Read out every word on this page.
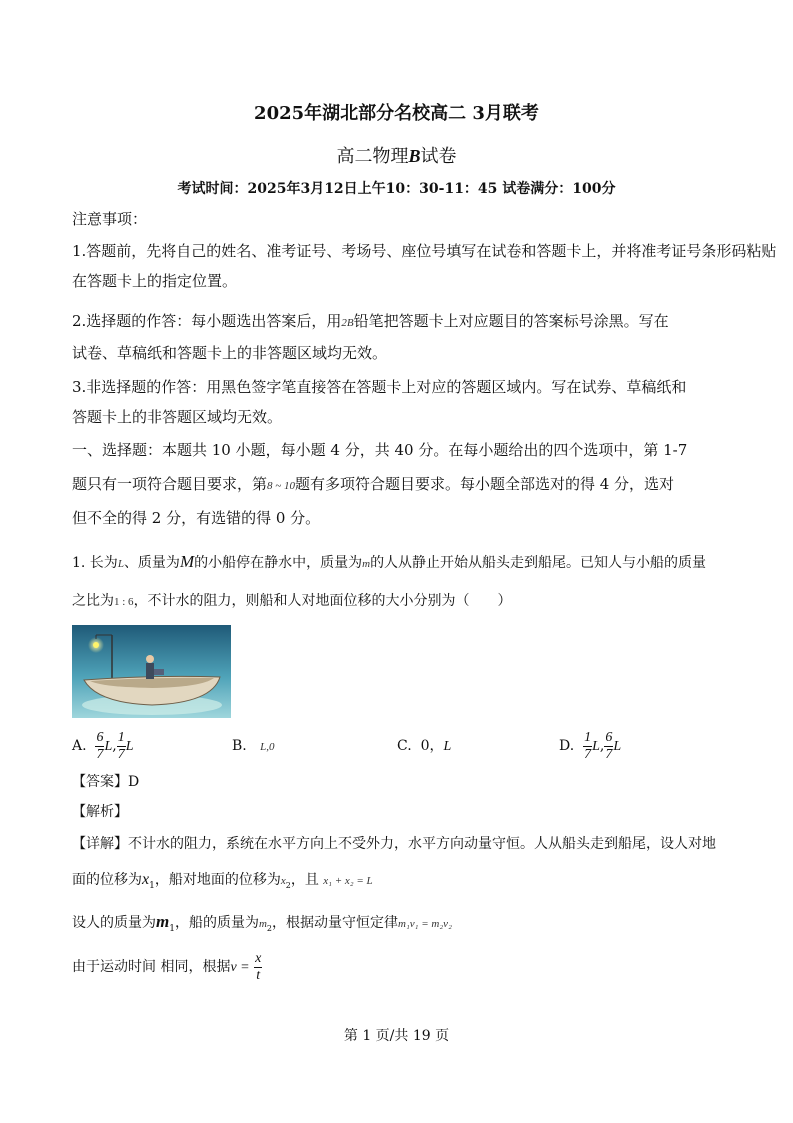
2025年湖北部分名校高二 3月联考
高二物理B试卷
考试时间：2025年3月12日上午10：30-11：45 试卷满分：100分
注意事项：
1.答题前，先将自己的姓名、准考证号、考场号、座位号填写在试卷和答题卡上，并将准考证号条形码粘贴
在答题卡上的指定位置。
2.选择题的作答：每小题选出答案后，用2B铅笔把答题卡上对应题目的答案标号涂黑。写在
试卷、草稿纸和答题卡上的非答题区域均无效。
3.非选择题的作答：用黑色签字笔直接答在答题卡上对应的答题区域内。写在试券、草稿纸和
答题卡上的非答题区域均无效。
一、选择题：本题共 10 小题，每小题 4 分，共 40 分。在每小题给出的四个选项中，第 1-7
题只有一项符合题目要求，第8 ~ 10题有多项符合题目要求。每小题全部选对的得 4 分，选对
但不全的得 2 分，有选错的得 0 分。
1. 长为L、质量为M的小船停在静水中，质量为m的人从静止开始从船头走到船尾。已知人与小船的质量
之比为1 : 6，不计水的阻力，则船和人对地面位移的大小分别为（　　）
A. $\frac{6}{7} L$, $\frac{1}{7}$ L	B. L,0	C. 0，L	D. $\frac{1}{7} L$, $\frac{6}{7}$ L
【答案】D
【解析】
【详解】不计水的阻力，系统在水平方向上不受外力，水平方向动量守恒。人从船头走到船尾，设人对地
面的位移为$x_1$，船对地面的位移为$x_2$，且 x₁ + x₂ = L
设人的质量为$m_1$，船的质量为$m_2$，根据动量守恒定律m₁v₁ = m₂v₂
由于运动时间 相同，根据$v = \frac{x}{t}$
第 1 页/共 19 页
